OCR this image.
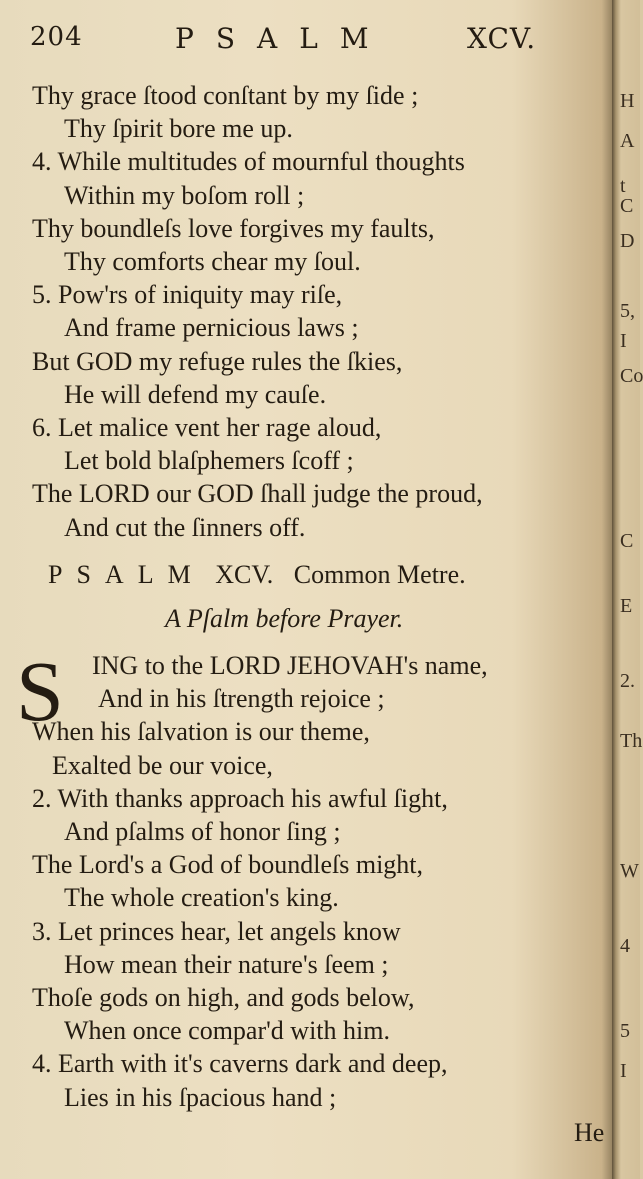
H
A
t
C
D
5,
I
Co
C
E
2.
Th
W
4
5
I
204	PSALM	XCV.
Thy grace ſtood conſtant by my ſide ;
Thy ſpirit bore me up.
4. While multitudes of mournful thoughts
Within my boſom roll ;
Thy boundleſs love forgives my faults,
Thy comforts chear my ſoul.
5. Pow'rs of iniquity may riſe,
And frame pernicious laws ;
But GOD my refuge rules the ſkies,
He will defend my cauſe.
6. Let malice vent her rage aloud,
Let bold blaſphemers ſcoff ;
The LORD our GOD ſhall judge the proud,
And cut the ſinners off.
PSALM XCV. Common Metre.
A Pſalm before Prayer.
S ING to the LORD JEHOVAH's name,
And in his ſtrength rejoice ;
When his ſalvation is our theme,
Exalted be our voice,
2. With thanks approach his awful ſight,
And pſalms of honor ſing ;
The Lord's a God of boundleſs might,
The whole creation's king.
3. Let princes hear, let angels know
How mean their nature's ſeem ;
Thoſe gods on high, and gods below,
When once compar'd with him.
4. Earth with it's caverns dark and deep,
Lies in his ſpacious hand ;
He
